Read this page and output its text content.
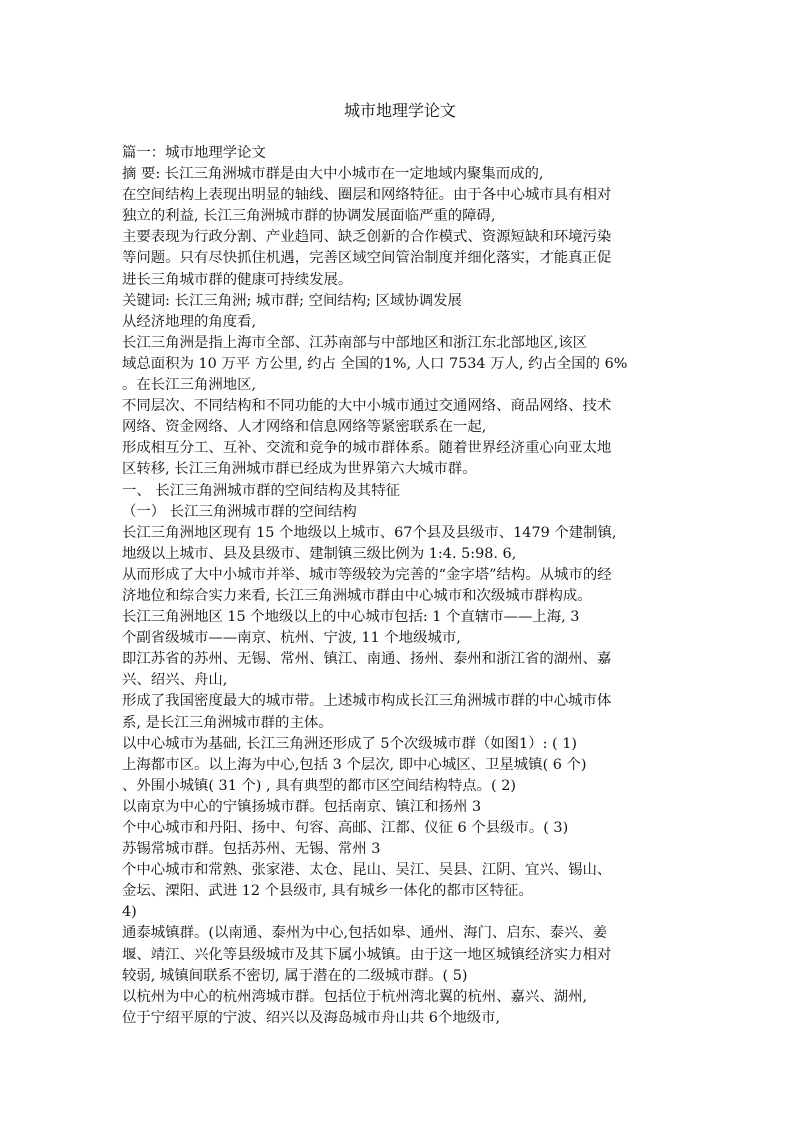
城市地理学论文
篇一：城市地理学论文
摘 要: 长江三角洲城市群是由大中小城市在一定地域内聚集而成的,
在空间结构上表现出明显的轴线、圈层和网络特征。由于各中心城市具有相对
独立的利益, 长江三角洲城市群的协调发展面临严重的障碍,
主要表现为行政分割、产业趋同、缺乏创新的合作模式、资源短缺和环境污染
等问题。只有尽快抓住机遇，完善区域空间管治制度并细化落实，才能真正促
进长三角城市群的健康可持续发展。
关键词: 长江三角洲; 城市群; 空间结构; 区域协调发展
从经济地理的角度看,
长江三角洲是指上海市全部、江苏南部与中部地区和浙江东北部地区,该区
域总面积为 10 万平 方公里, 约占 全国的1%, 人口 7534 万人, 约占全国的 6%
。在长江三角洲地区,
不同层次、不同结构和不同功能的大中小城市通过交通网络、商品网络、技术
网络、资金网络、人才网络和信息网络等紧密联系在一起,
形成相互分工、互补、交流和竞争的城市群体系。随着世界经济重心向亚太地
区转移, 长江三角洲城市群已经成为世界第六大城市群。
一、 长江三角洲城市群的空间结构及其特征
（一） 长江三角洲城市群的空间结构
长江三角洲地区现有 15 个地级以上城市、67个县及县级市、1479 个建制镇,
地级以上城市、县及县级市、建制镇三级比例为 1:4. 5:98. 6,
从而形成了大中小城市并举、城市等级较为完善的“金字塔”结构。从城市的经
济地位和综合实力来看, 长江三角洲城市群由中心城市和次级城市群构成。
长江三角洲地区 15 个地级以上的中心城市包括: 1 个直辖市——上海, 3
个副省级城市——南京、杭州、宁波, 11 个地级城市,
即江苏省的苏州、无锡、常州、镇江、南通、扬州、泰州和浙江省的湖州、嘉
兴、绍兴、舟山,
形成了我国密度最大的城市带。上述城市构成长江三角洲城市群的中心城市体
系, 是长江三角洲城市群的主体。
以中心城市为基础, 长江三角洲还形成了 5个次级城市群（如图1）: ( 1)
上海都市区。以上海为中心,包括 3 个层次, 即中心城区、卫星城镇( 6 个)
、外围小城镇( 31 个) , 具有典型的都市区空间结构特点。( 2)
以南京为中心的宁镇扬城市群。包括南京、镇江和扬州 3
个中心城市和丹阳、扬中、句容、高邮、江都、仪征 6 个县级市。( 3)
苏锡常城市群。包括苏州、无锡、常州 3
个中心城市和常熟、张家港、太仓、昆山、吴江、吴县、江阴、宜兴、锡山、
金坛、溧阳、武进 12 个县级市, 具有城乡一体化的都市区特征。
4)
通泰城镇群。(以南通、泰州为中心,包括如皋、通州、海门、启东、泰兴、姜
堰、靖江、兴化等县级城市及其下属小城镇。由于这一地区城镇经济实力相对
较弱, 城镇间联系不密切, 属于潜在的二级城市群。( 5)
以杭州为中心的杭州湾城市群。包括位于杭州湾北翼的杭州、嘉兴、湖州,
位于宁绍平原的宁波、绍兴以及海岛城市舟山共 6个地级市,
